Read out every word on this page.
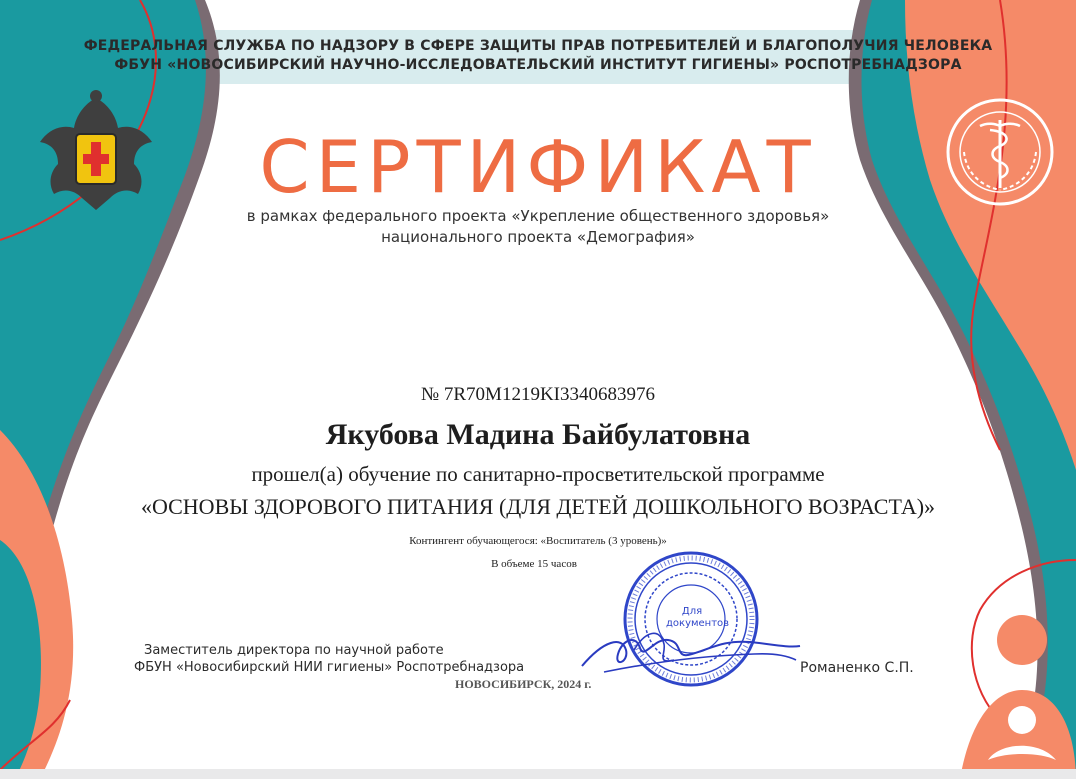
ФЕДЕРАЛЬНАЯ СЛУЖБА ПО НАДЗОРУ В СФЕРЕ ЗАЩИТЫ ПРАВ ПОТРЕБИТЕЛЕЙ И БЛАГОПОЛУЧИЯ ЧЕЛОВЕКА
ФБУН «НОВОСИБИРСКИЙ НАУЧНО-ИССЛЕДОВАТЕЛЬСКИЙ ИНСТИТУТ ГИГИЕНЫ» РОСПОТРЕБНАДЗОРА
СЕРТИФИКАТ
в рамках федерального проекта «Укрепление общественного здоровья»
национального проекта «Демография»
№ 7R70M1219KI3340683976
Якубова Мадина Байбулатовна
прошел(а) обучение по санитарно-просветительской программе
«ОСНОВЫ ЗДОРОВОГО ПИТАНИЯ (ДЛЯ ДЕТЕЙ ДОШКОЛЬНОГО ВОЗРАСТА)»
Контингент обучающегося: «Воспитатель (3 уровень)»
В объеме 15 часов
Для документов
Заместитель директора по научной работе
ФБУН «Новосибирский НИИ гигиены» Роспотребнадзора	Романенко С.П.
НОВОСИБИРСК, 2024 г.
